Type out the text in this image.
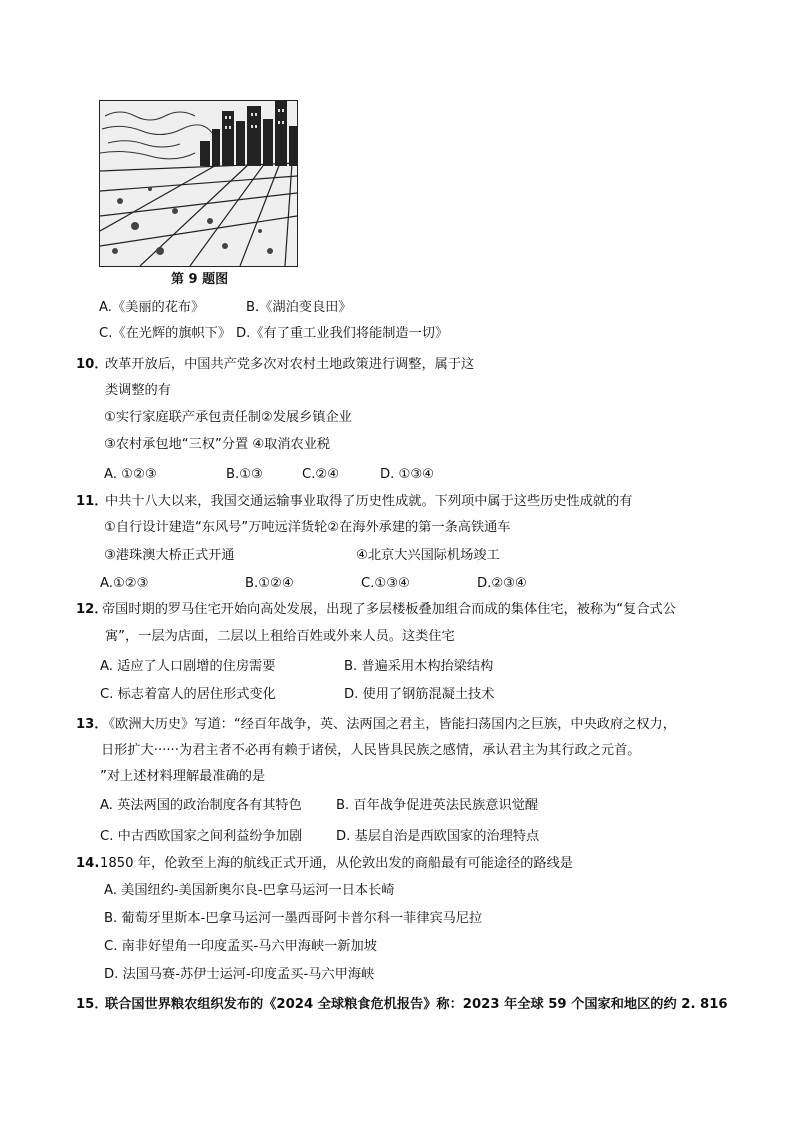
第 9 题图
A.《美丽的花布》	B.《湖泊变良田》
C.《在光辉的旗帜下》 D.《有了重工业我们将能制造一切》
10．
改革开放后，中国共产党多次对农村土地政策进行调整，属于这
类调整的有
①实行家庭联产承包责任制②发展乡镇企业
③农村承包地“三权”分置 ④取消农业税
A. ①②③	B.①③	C.②④	D. ①③④
11．
中共十八大以来，我国交通运输事业取得了历史性成就。下列项中属于这些历史性成就的有
①自行设计建造“东风号”万吨远洋货轮②在海外承建的第一条高铁通车
③港珠澳大桥正式开通	④北京大兴国际机场竣工
A.①②③	B.①②④	C.①③④	D.②③④
12．
帝国时期的罗马住宅开始向高处发展，出现了多层楼板叠加组合而成的集体住宅，被称为“复合式公
寓”，一层为店面，二层以上租给百姓或外来人员。这类住宅
A. 适应了人口剧增的住房需要	B. 普遍采用木构抬梁结构
C. 标志着富人的居住形式变化	D. 使用了钢筋混凝土技术
13．
《欧洲大历史》写道：“经百年战争，英、法两国之君主，皆能扫荡国内之巨族，中央政府之权力，
日形扩大······为君主者不必再有赖于诸侯，人民皆具民族之感情，承认君主为其行政之元首。
”对上述材料理解最准确的是
A. 英法两国的政治制度各有其特色	B. 百年战争促进英法民族意识觉醒
C. 中古西欧国家之间利益纷争加剧	D. 基层自治是西欧国家的治理特点
14. 1850 年，伦敦至上海的航线正式开通，从伦敦出发的商船最有可能途径的路线是
A. 美国纽约-美国新奥尔良-巴拿马运河一日本长崎
B. 葡萄牙里斯本-巴拿马运河一墨西哥阿卡普尔科一菲律宾马尼拉
C. 南非好望角一印度孟买-马六甲海峡一新加坡
D. 法国马赛-苏伊士运河-印度孟买-马六甲海峡
15．
联合国世界粮农组织发布的《2024 全球粮食危机报告》称：2023 年全球 59 个国家和地区的约 2. 816
